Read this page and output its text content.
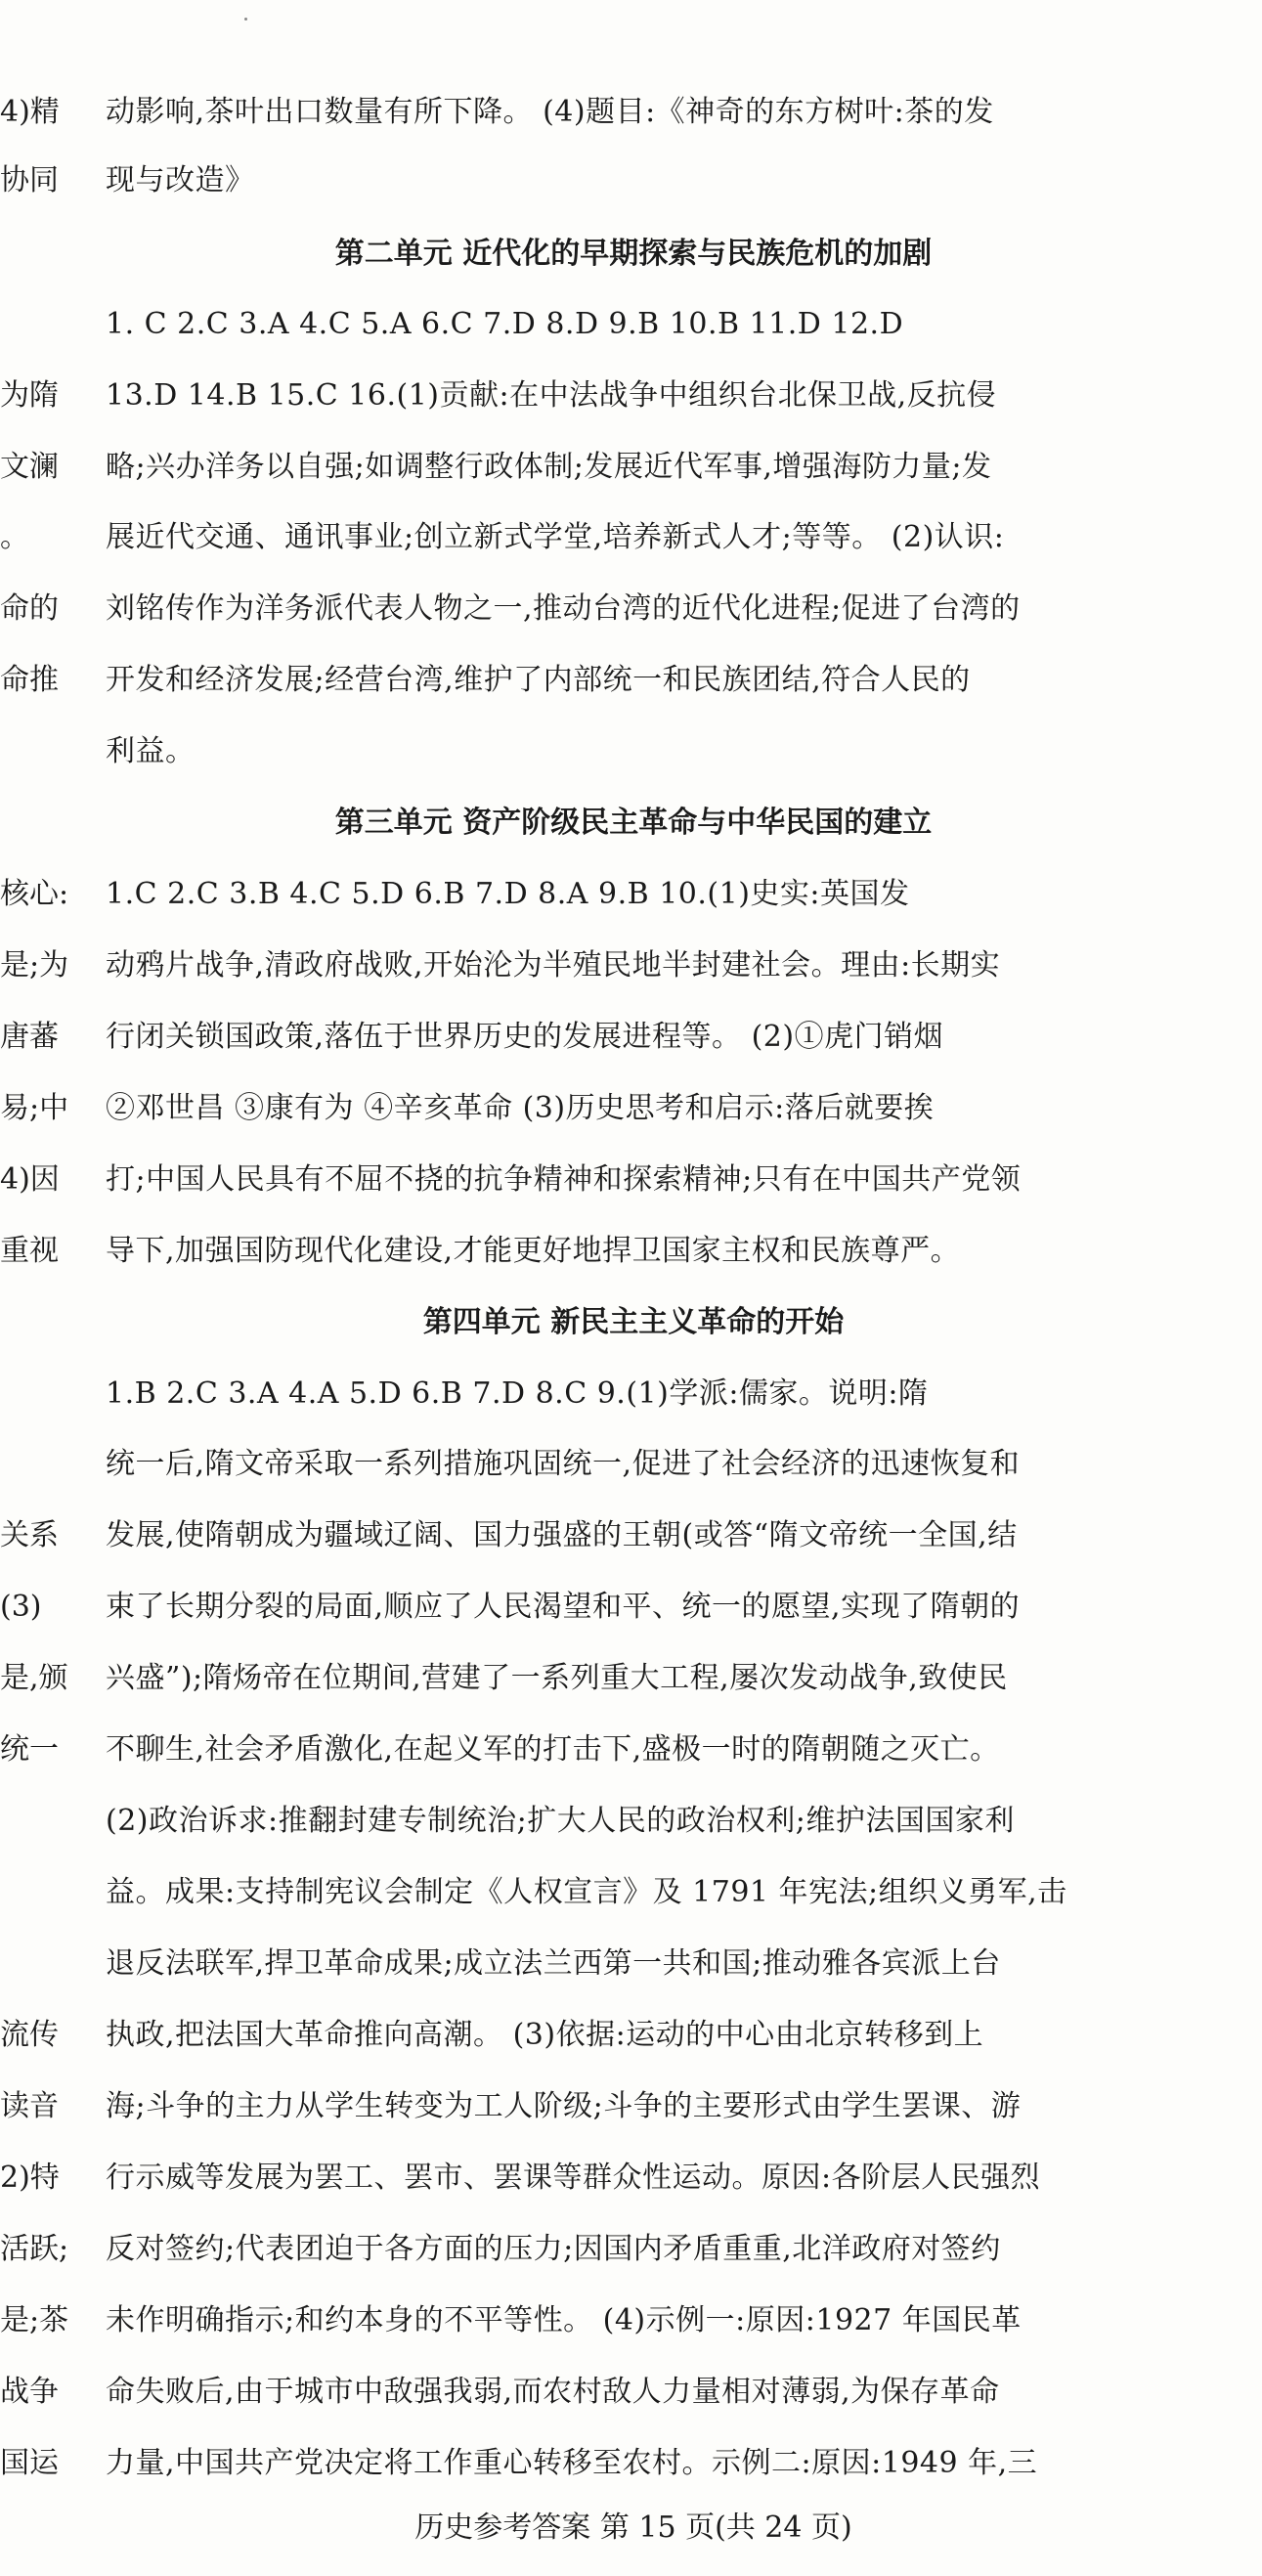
4)精
协同
为隋
文澜
。
命的
命推
核心:
是;为
唐蕃
易;中
4)因
重视
关系
(3)
是,颁
统一
流传
读音
2)特
活跃;
是;茶
战争
国运
动影响,茶叶出口数量有所下降。 (4)题目:《神奇的东方树叶:茶的发
现与改造》
第二单元 近代化的早期探索与民族危机的加剧
1. C 2.C 3.A 4.C 5.A 6.C 7.D 8.D 9.B 10.B 11.D 12.D
13.D 14.B 15.C 16.(1)贡献:在中法战争中组织台北保卫战,反抗侵
略;兴办洋务以自强;如调整行政体制;发展近代军事,增强海防力量;发
展近代交通、通讯事业;创立新式学堂,培养新式人才;等等。 (2)认识:
刘铭传作为洋务派代表人物之一,推动台湾的近代化进程;促进了台湾的
开发和经济发展;经营台湾,维护了内部统一和民族团结,符合人民的
利益。
第三单元 资产阶级民主革命与中华民国的建立
1.C 2.C 3.B 4.C 5.D 6.B 7.D 8.A 9.B 10.(1)史实:英国发
动鸦片战争,清政府战败,开始沦为半殖民地半封建社会。理由:长期实
行闭关锁国政策,落伍于世界历史的发展进程等。 (2)①虎门销烟
②邓世昌 ③康有为 ④辛亥革命 (3)历史思考和启示:落后就要挨
打;中国人民具有不屈不挠的抗争精神和探索精神;只有在中国共产党领
导下,加强国防现代化建设,才能更好地捍卫国家主权和民族尊严。
第四单元 新民主主义革命的开始
1.B 2.C 3.A 4.A 5.D 6.B 7.D 8.C 9.(1)学派:儒家。说明:隋
统一后,隋文帝采取一系列措施巩固统一,促进了社会经济的迅速恢复和
发展,使隋朝成为疆域辽阔、国力强盛的王朝(或答“隋文帝统一全国,结
束了长期分裂的局面,顺应了人民渴望和平、统一的愿望,实现了隋朝的
兴盛”);隋炀帝在位期间,营建了一系列重大工程,屡次发动战争,致使民
不聊生,社会矛盾激化,在起义军的打击下,盛极一时的隋朝随之灭亡。
(2)政治诉求:推翻封建专制统治;扩大人民的政治权利;维护法国国家利
益。成果:支持制宪议会制定《人权宣言》及 1791 年宪法;组织义勇军,击
退反法联军,捍卫革命成果;成立法兰西第一共和国;推动雅各宾派上台
执政,把法国大革命推向高潮。 (3)依据:运动的中心由北京转移到上
海;斗争的主力从学生转变为工人阶级;斗争的主要形式由学生罢课、游
行示威等发展为罢工、罢市、罢课等群众性运动。原因:各阶层人民强烈
反对签约;代表团迫于各方面的压力;因国内矛盾重重,北洋政府对签约
未作明确指示;和约本身的不平等性。 (4)示例一:原因:1927 年国民革
命失败后,由于城市中敌强我弱,而农村敌人力量相对薄弱,为保存革命
力量,中国共产党决定将工作重心转移至农村。示例二:原因:1949 年,三
历史参考答案 第 15 页(共 24 页)
